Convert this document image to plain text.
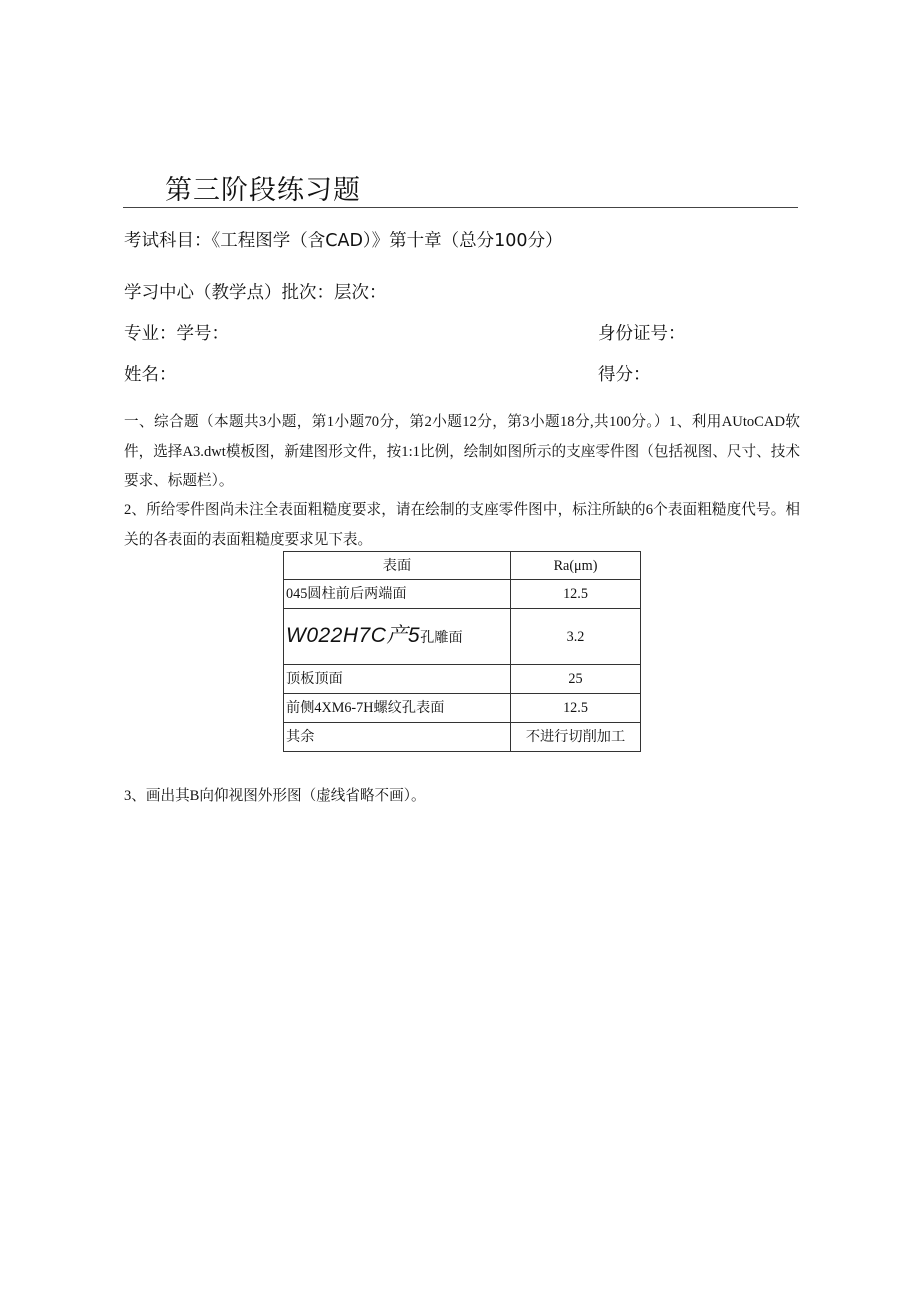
第三阶段练习题
考试科目：《工程图学（含CAD）》第十章（总分100分）
学习中心（教学点）批次：层次：
专业：学号：	身份证号：
姓名：	得分：
一、综合题（本题共3小题，第1小题70分，第2小题12分，第3小题18分,共100分。）1、利用AUtoCAD软件，选择A3.dwt模板图，新建图形文件，按1:1比例，绘制如图所示的支座零件图（包括视图、尺寸、技术要求、标题栏）。
2、所给零件图尚未注全表面粗糙度要求，请在绘制的支座零件图中，标注所缺的6个表面粗糙度代号。相关的各表面的表面粗糙度要求见下表。
表面	Ra(μm)
045圆柱前后两端面	12.5
W022H7C产5孔雕面	3.2
顶板顶面	25
前侧4XM6-7H螺纹孔表面	12.5
其余	不进行切削加工
3、画出其B向仰视图外形图（虚线省略不画）。
